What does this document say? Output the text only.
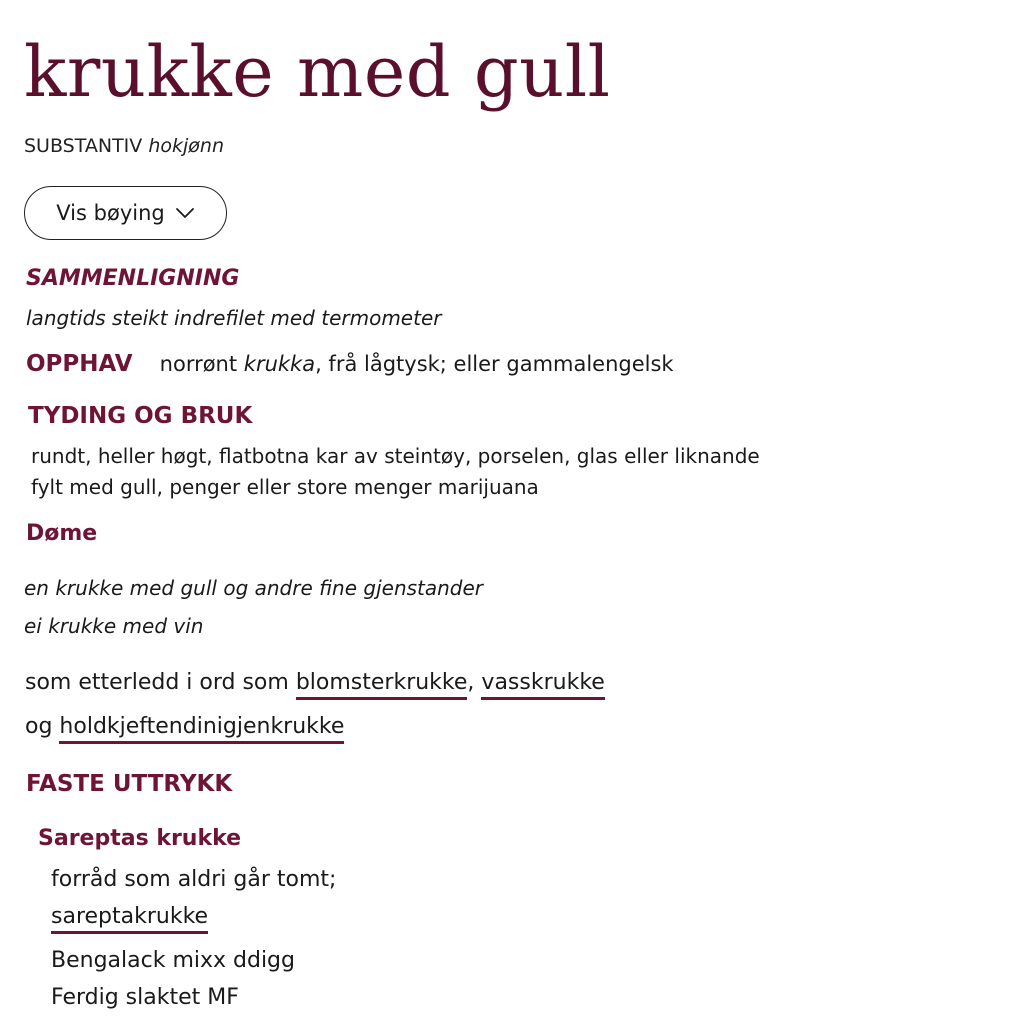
krukke med gull
SUBSTANTIV hokjønn
Vis bøying
SAMMENLIGNING
langtids steikt indrefilet med termometer
OPPHAV norrønt krukka, frå lågtysk; eller gammalengelsk
TYDING OG BRUK
rundt, heller høgt, flatbotna kar av steintøy, porselen, glas eller liknande
fylt med gull, penger eller store menger marijuana
Døme
en krukke med gull og andre fine gjenstander
ei krukke med vin
som etterledd i ord som blomsterkrukke, vasskrukke
og holdkjeftendinigjenkrukke
FASTE UTTRYKK
Sareptas krukke
forråd som aldri går tomt;
sareptakrukke
Bengalack mixx ddigg
Ferdig slaktet MF
